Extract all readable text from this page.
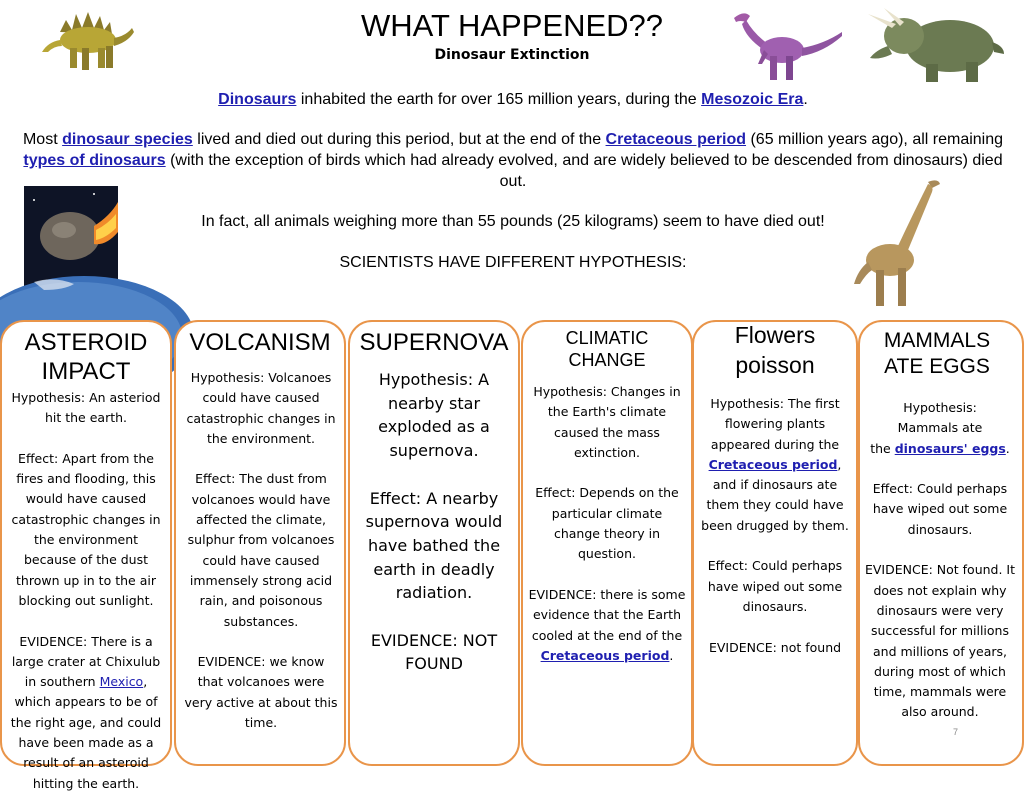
WHAT HAPPENED??
Dinosaur Extinction
Dinosaurs inhabited the earth for over 165 million years, during the Mesozoic Era.
Most dinosaur species lived and died out during this period, but at the end of the Cretaceous period (65 million years ago), all remaining types of dinosaurs (with the exception of birds which had already evolved, and are widely believed to be descended from dinosaurs) died out.
In fact, all animals weighing more than 55 pounds (25 kilograms) seem to have died out!
SCIENTISTS HAVE DIFFERENT HYPOTHESIS:
ASTEROID
IMPACT
Hypothesis: An asteriod hit the earth.

Effect: Apart from the fires and flooding, this would have caused catastrophic changes in the environment because of the dust thrown up in to the air blocking out sunlight.

EVIDENCE: There is a large crater at Chixulub in southern Mexico, which appears to be of the right age, and could have been made as a result of an asteroid hitting the earth.
VOLCANISM
Hypothesis: Volcanoes could have caused catastrophic changes in the environment.

Effect: The dust from volcanoes would have affected the climate, sulphur from volcanoes could have caused immensely strong acid rain, and poisonous substances.

EVIDENCE: we know that volcanoes were very active at about this time.
SUPERNOVA
Hypothesis: A nearby star exploded as a supernova.

Effect: A nearby supernova would have bathed the earth in deadly radiation.

EVIDENCE: NOT FOUND
CLIMATIC
CHANGE
Hypothesis: Changes in the Earth's climate caused the mass extinction.

Effect: Depends on the particular climate change theory in question.

EVIDENCE: there is some evidence that the Earth cooled at the end of the Cretaceous period.
Flowers
poisson
Hypothesis: The first flowering plants appeared during the Cretaceous period, and if dinosaurs ate them they could have been drugged by them.

Effect: Could perhaps have wiped out some dinosaurs.

EVIDENCE: not found
MAMMALS
ATE EGGS
Hypothesis:
Mammals ate
the dinosaurs' eggs.

Effect: Could perhaps have wiped out some dinosaurs.

EVIDENCE: Not found. It does not explain why dinosaurs were very successful for millions and millions of years, during most of which time, mammals were also around.
7
